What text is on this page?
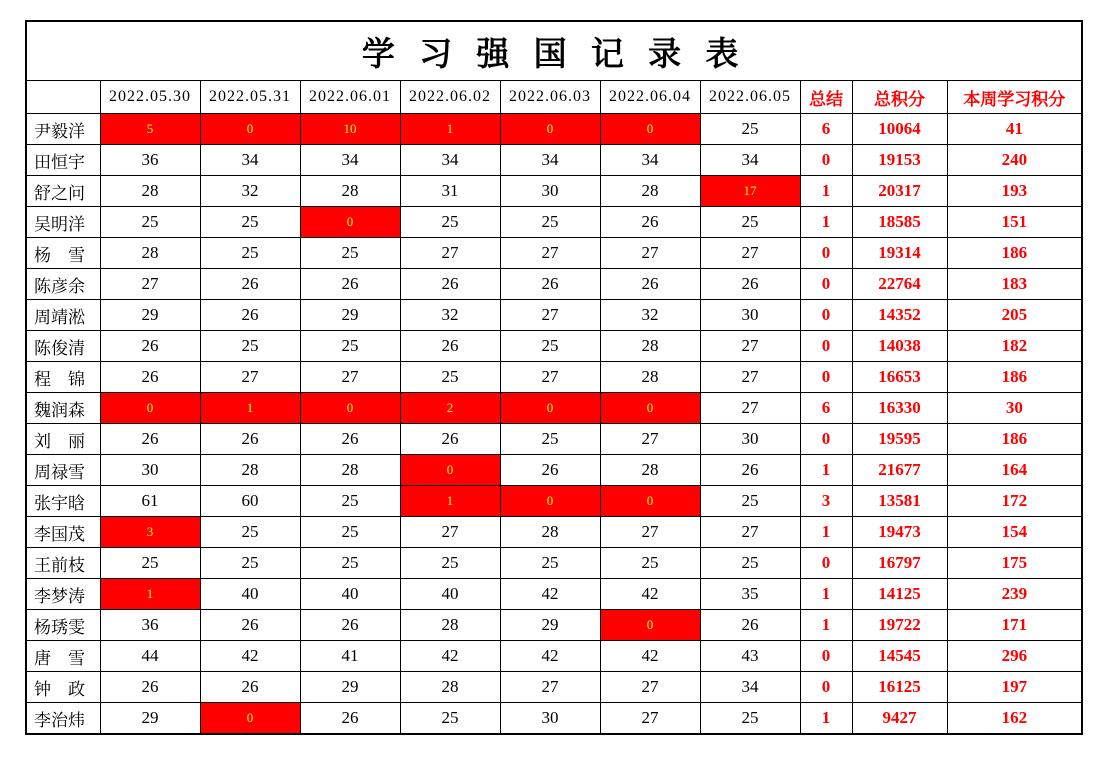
学 习 强 国 记 录 表										
	2022.05.30	2022.05.31	2022.06.01	2022.06.02	2022.06.03	2022.06.04	2022.06.05	总结	总积分	本周学习积分
尹毅洋	5	0	10	1	0	0	25	6	10064	41
田恒宇	36	34	34	34	34	34	34	0	19153	240
舒之问	28	32	28	31	30	28	17	1	20317	193
吴明洋	25	25	0	25	25	26	25	1	18585	151
杨　雪	28	25	25	27	27	27	27	0	19314	186
陈彦余	27	26	26	26	26	26	26	0	22764	183
周靖淞	29	26	29	32	27	32	30	0	14352	205
陈俊清	26	25	25	26	25	28	27	0	14038	182
程　锦	26	27	27	25	27	28	27	0	16653	186
魏润森	0	1	0	2	0	0	27	6	16330	30
刘　丽	26	26	26	26	25	27	30	0	19595	186
周禄雪	30	28	28	0	26	28	26	1	21677	164
张宇晗	61	60	25	1	0	0	25	3	13581	172
李国茂	3	25	25	27	28	27	27	1	19473	154
王前枝	25	25	25	25	25	25	25	0	16797	175
李梦涛	1	40	40	40	42	42	35	1	14125	239
杨琇雯	36	26	26	28	29	0	26	1	19722	171
唐　雪	44	42	41	42	42	42	43	0	14545	296
钟　政	26	26	29	28	27	27	34	0	16125	197
李治炜	29	0	26	25	30	27	25	1	9427	162
